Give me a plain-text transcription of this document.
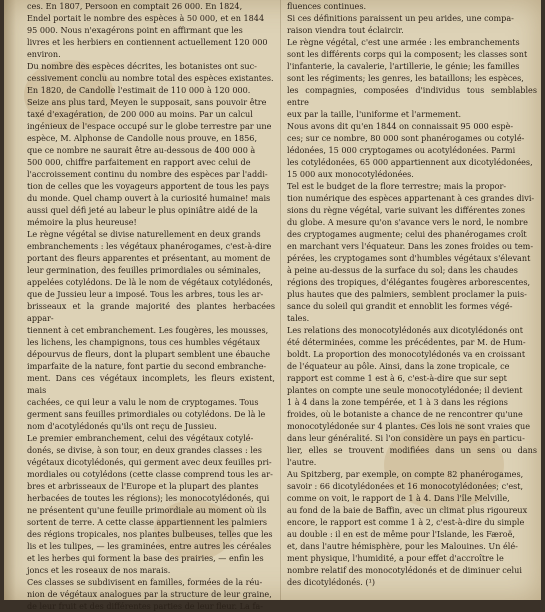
ces. En 1807, Persoon en comptait 26 000. En 1824,

Endel portait le nombre des espèces à 50 000, et en 1844

95 000. Nous n'exagérons point en affirmant que les

livres et les herbiers en contiennent actuellement 120 000

environ.

Du nombre des espèces décrites, les botanistes ont suc-

cessivement conclu au nombre total des espèces existantes.

En 1820, de Candolle l'estimait de 110 000 à 120 000.

Seize ans plus tard, Meyen le supposait, sans pouvoir être

taxé d'exagération, de 200 000 au moins. Par un calcul

ingénieux de l'espace occupé sur le globe terrestre par une

espèce, M. Alphonse de Candolle nous prouve, en 1856,

que ce nombre ne saurait être au-dessous de 400 000 à

500 000, chiffre parfaitement en rapport avec celui de

l'accroissement continu du nombre des espèces par l'addi-

tion de celles que les voyageurs apportent de tous les pays

du monde. Quel champ ouvert à la curiosité humaine! mais

aussi quel défi jeté au labeur le plus opiniâtre aidé de la

mémoire la plus heureuse!

Le règne végétal se divise naturellement en deux grands

embranchements : les végétaux phanérogames, c'est-à-dire

portant des fleurs apparentes et présentant, au moment de

leur germination, des feuilles primordiales ou séminales,

appelées cotylédons. De là le nom de végétaux cotylédonés,

que de Jussieu leur a imposé. Tous les arbres, tous les ar-

brisseaux et la grande majorité des plantes herbacées appar-

tiennent à cet embranchement. Les fougères, les mousses,

les lichens, les champignons, tous ces humbles végétaux

dépourvus de fleurs, dont la plupart semblent une ébauche

imparfaite de la nature, font partie du second embranche-

ment. Dans ces végétaux incomplets, les fleurs existent, mais

cachées, ce qui leur a valu le nom de cryptogames. Tous

germent sans feuilles primordiales ou cotylédons. De là le

nom d'acotylédonés qu'ils ont reçu de Jussieu.

Le premier embranchement, celui des végétaux cotylé-

donés, se divise, à son tour, en deux grandes classes : les

végétaux dicotylédonés, qui germent avec deux feuilles pri-

mordiales ou cotylédons (cette classe comprend tous les ar-

bres et arbrisseaux de l'Europe et la plupart des plantes

herbacées de toutes les régions); les monocotylédonés, qui

ne présentent qu'une feuille primordiale au moment où ils

sortent de terre. A cette classe appartiennent les palmiers

des régions tropicales, nos plantes bulbeuses, telles que les

lis et les tulipes, — les graminées, entre autres les céréales

et les herbes qui forment la base des prairies, — enfin les

joncs et les roseaux de nos marais.

Ces classes se subdivisent en familles, formées de la réu-

nion de végétaux analogues par la structure de leur graine,

de leur fruit et des différentes parties de leur fleur. La fa-

fluences continues.

Si ces définitions paraissent un peu arides, une compa-

raison viendra tout éclaircir.

Le règne végétal, c'est une armée : les embranchements

sont les différents corps qui la composent; les classes sont

l'infanterie, la cavalerie, l'artillerie, le génie; les familles

sont les régiments; les genres, les bataillons; les espèces,

les compagnies, composées d'individus tous semblables entre

eux par la taille, l'uniforme et l'armement.

Nous avons dit qu'en 1844 on connaissait 95 000 espè-

ces; sur ce nombre, 80 000 sont phanérogames ou cotylé-

lédonées, 15 000 cryptogames ou acotylédonées. Parmi

les cotylédonées, 65 000 appartiennent aux dicotylédonées,

15 000 aux monocotylédonées.

Tel est le budget de la flore terrestre; mais la propor-

tion numérique des espèces appartenant à ces grandes divi-

sions du règne végétal, varie suivant les différentes zones

du globe. A mesure qu'on s'avance vers le nord, le nombre

des cryptogames augmente; celui des phanérogames croît

en marchant vers l'équateur. Dans les zones froides ou tem-

pérées, les cryptogames sont d'humbles végétaux s'élevant

à peine au-dessus de la surface du sol; dans les chaudes

régions des tropiques, d'élégantes fougères arborescentes,

plus hautes que des palmiers, semblent proclamer la puis-

sance du soleil qui grandit et ennoblit les formes végé-

tales.

Les relations des monocotylédonés aux dicotylédonés ont

été déterminées, comme les précédentes, par M. de Hum-

boldt. La proportion des monocotylédonés va en croissant

de l'équateur au pôle. Ainsi, dans la zone tropicale, ce

rapport est comme 1 est à 6, c'est-à-dire que sur sept

plantes on compte une seule monocotylédonée; il devient

1 à 4 dans la zone tempérée, et 1 à 3 dans les régions

froides, où le botaniste a chance de ne rencontrer qu'une

monocotylédonée sur 4 plantes. Ces lois ne sont vraies que

dans leur généralité. Si l'on considère un pays en particu-

lier, elles se trouvent modifiées dans un sens ou dans l'autre.

Au Spitzberg, par exemple, on compte 82 phanérogames,

savoir : 66 dicotylédonées et 16 monocotylédonées; c'est,

comme on voit, le rapport de 1 à 4. Dans l'île Melville,

au fond de la baie de Baffin, avec un climat plus rigoureux

encore, le rapport est comme 1 à 2, c'est-à-dire du simple

au double : il en est de même pour l'Islande, les Færoë,

et, dans l'autre hémisphère, pour les Malouines. Un élé-

ment physique, l'humidité, a pour effet d'accroître le

nombre relatif des monocotylédonés et de diminuer celui

des dicotylédonés. (¹)
